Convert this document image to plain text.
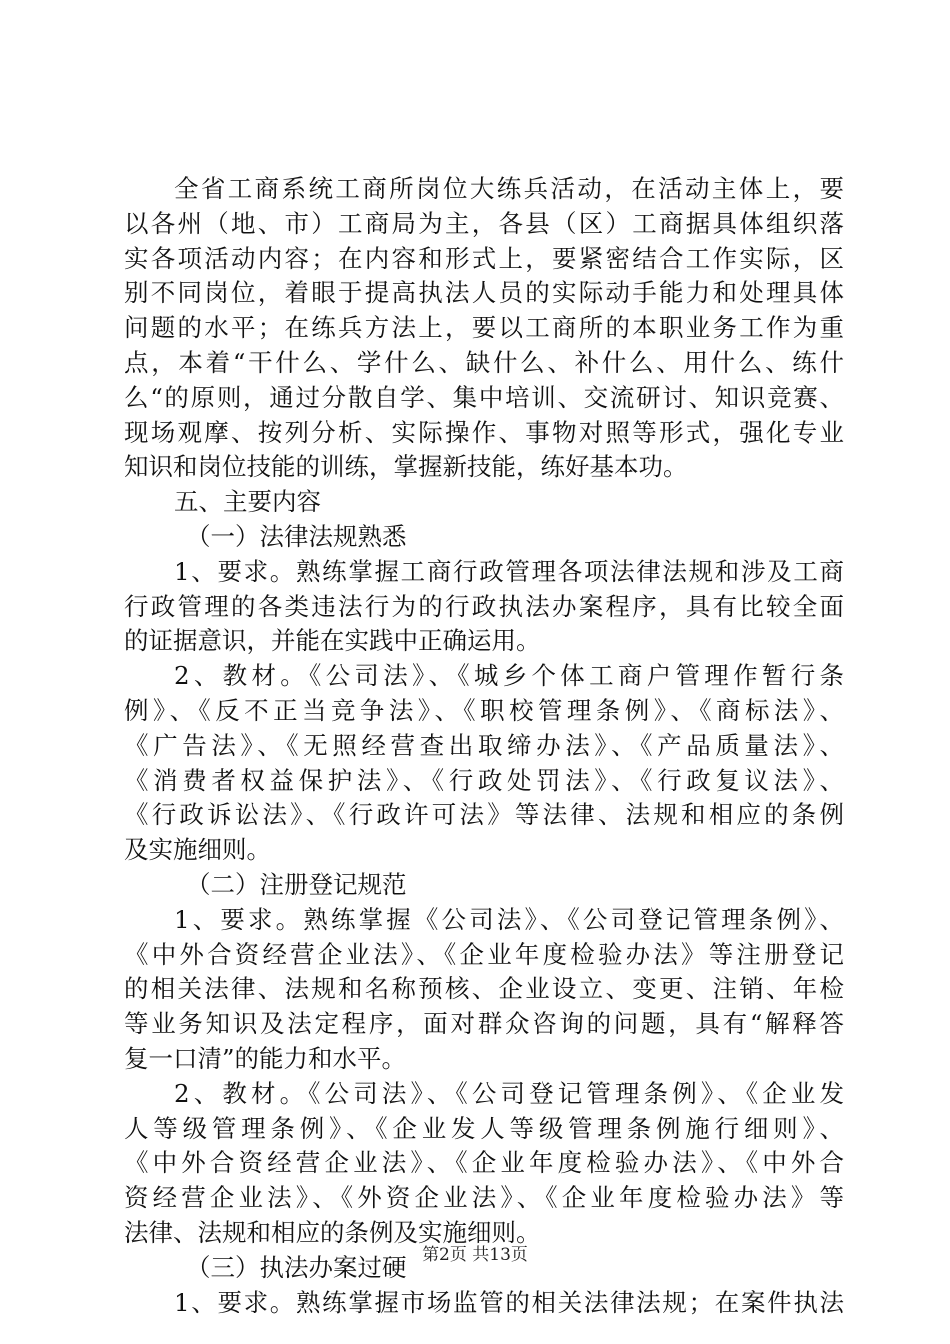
全省工商系统工商所岗位大练兵活动，在活动主体上，要
以各州（地、市）工商局为主，各县（区）工商据具体组织落
实各项活动内容；在内容和形式上，要紧密结合工作实际，区
别不同岗位，着眼于提高执法人员的实际动手能力和处理具体
问题的水平；在练兵方法上，要以工商所的本职业务工作为重
点，本着“干什么、学什么、缺什么、补什么、用什么、练什
么“的原则，通过分散自学、集中培训、交流研讨、知识竞赛、
现场观摩、按列分析、实际操作、事物对照等形式，强化专业
知识和岗位技能的训练，掌握新技能，练好基本功。
五、主要内容
（一）法律法规熟悉
1、要求。熟练掌握工商行政管理各项法律法规和涉及工商
行政管理的各类违法行为的行政执法办案程序，具有比较全面
的证据意识，并能在实践中正确运用。
2、教材。《公司法》、《城乡个体工商户管理作暂行条
例》、《反不正当竞争法》、《职校管理条例》、《商标法》、
《广告法》、《无照经营查出取缔办法》、《产品质量法》、
《消费者权益保护法》、《行政处罚法》、《行政复议法》、
《行政诉讼法》、《行政许可法》等法律、法规和相应的条例
及实施细则。
（二）注册登记规范
1、要求。熟练掌握《公司法》、《公司登记管理条例》、
《中外合资经营企业法》、《企业年度检验办法》等注册登记
的相关法律、法规和名称预核、企业设立、变更、注销、年检
等业务知识及法定程序，面对群众咨询的问题，具有“解释答
复一口清”的能力和水平。
2、教材。《公司法》、《公司登记管理条例》、《企业发
人等级管理条例》、《企业发人等级管理条例施行细则》、
《中外合资经营企业法》、《企业年度检验办法》、《中外合
资经营企业法》、《外资企业法》、《企业年度检验办法》等
法律、法规和相应的条例及实施细则。
（三）执法办案过硬
1、要求。熟练掌握市场监管的相关法律法规；在案件执法
第2页 共13页
